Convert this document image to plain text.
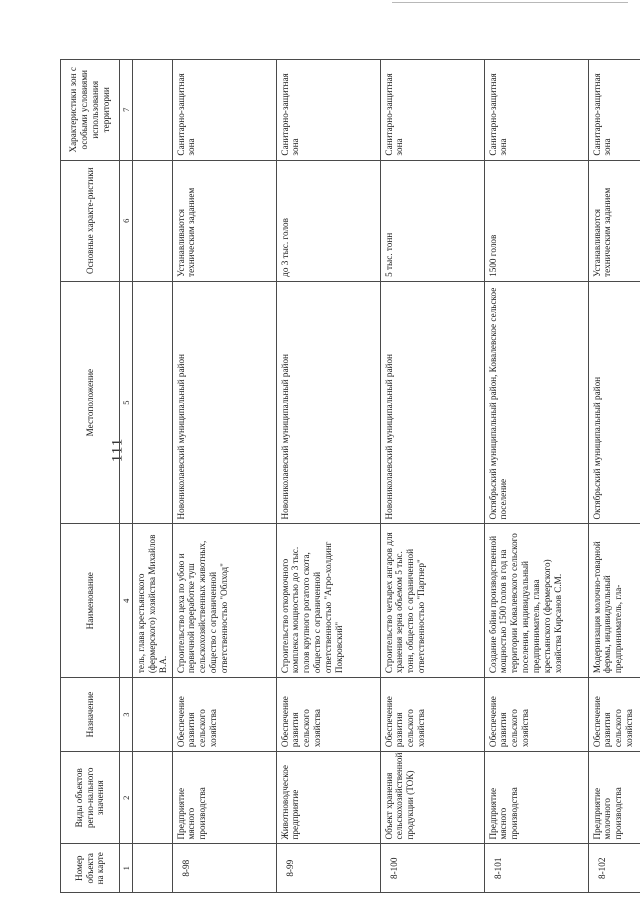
111
Номер объекта на карте	Виды объектов регио-нального значения	Назначение	Наименование	Местоположение	Основные характе-ристики	Характеристики зон с особыми условиями использования территории
1	2	3	4	5	6	7
			тель, глава крестьянского (фермерского) хозяйства Михайлов В.А.			
8-98	Предприятие мясного производства	Обеспечение развития сельского хозяйства	Строительство цеха по убою и первичной переработке туш сельскохозяйственных животных, общество с ограниченной ответственностью "Облход"	Новониколаевский муниципальный район	Устанавливаются техническим заданием	Санитарно-защитная зона
8-99	Животноводческое предприятие	Обеспечение развития сельского хозяйства	Строительство откормочного комплекса мощностью до 3 тыс. голов крупного рогатого скота, общество с ограниченной ответственностью "Агро-холдинг Покровский"	Новониколаевский муниципальный район	до 3 тыс. голов	Санитарно-защитная зона
8-100	Объект хранения сельскохозяйственной продукции (ТОК)	Обеспечение развития сельского хозяйства	Строительство четырех ангаров для хранения зерна объемом 5 тыс. тонн, общество с ограниченной ответственностью "Партнер"	Новониколаевский муниципальный район	5 тыс. тонн	Санитарно-защитная зона
8-101	Предприятие мясного производства	Обеспечение развития сельского хозяйства	Создание бойни производственной мощностью 1500 голов в год на территории Ковалевского сельского поселения, индивидуальный предприниматель, глава крестьянского (фермерского) хозяйства Кирсанов С.М.	Октябрьский муниципальный район, Ковалевское сельское поселение	1500 голов	Санитарно-защитная зона
8-102	Предприятие молочного производства	Обеспечение развития сельского хозяйства	Модернизация молочно-товарной фермы, индивидуальный предприниматель, гла-	Октябрьский муниципальный район	Устанавливаются техническим заданием	Санитарно-защитная зона
